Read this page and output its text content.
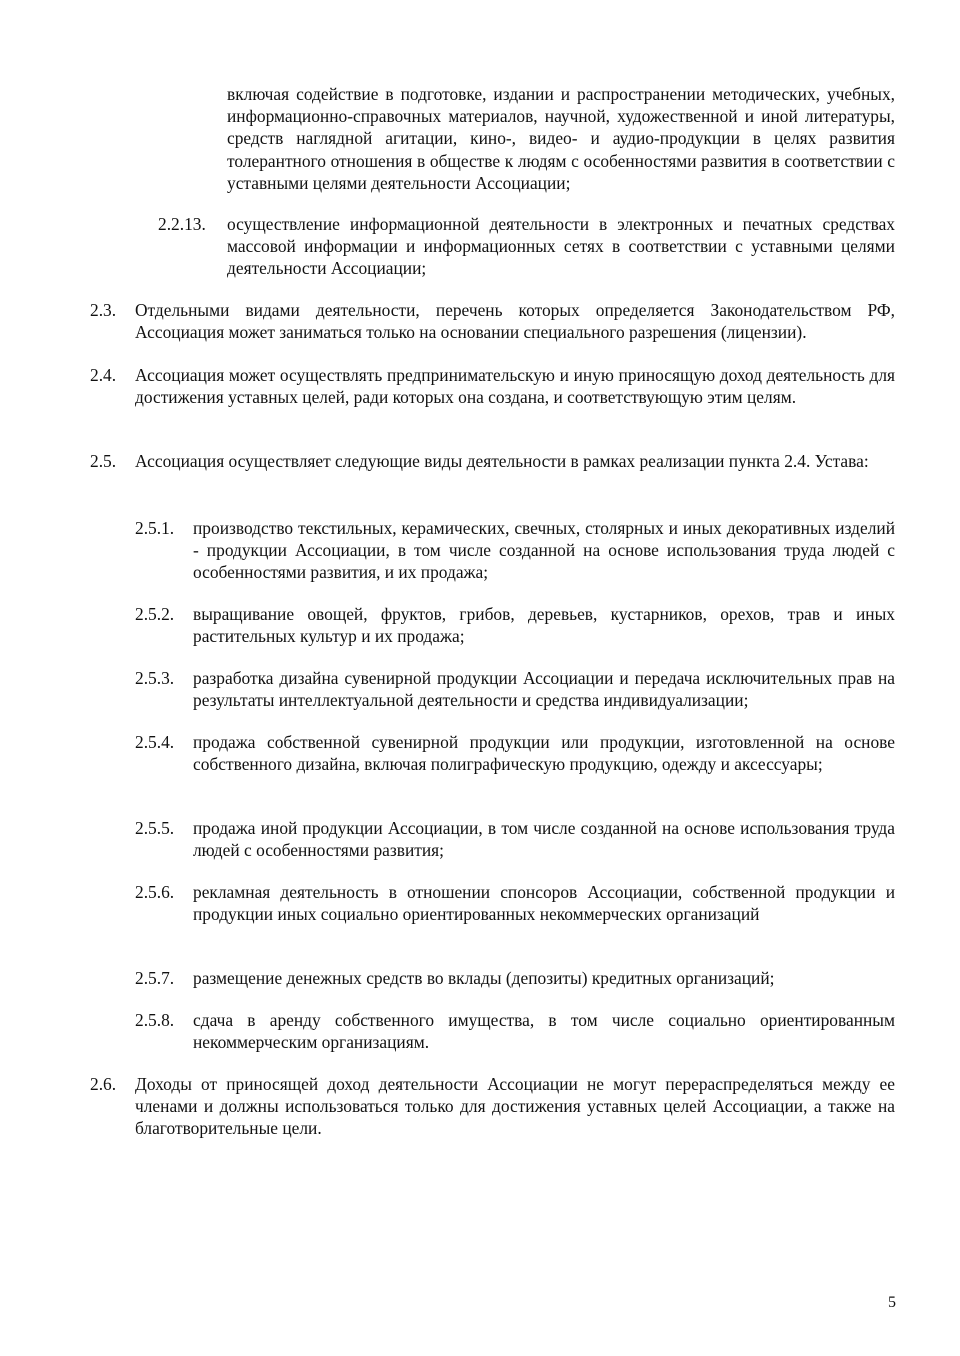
включая содействие в подготовке, издании и распространении методических, учебных, информационно-справочных материалов, научной, художественной и иной литературы, средств наглядной агитации, кино-, видео- и аудио-продукции в целях развития толерантного отношения в обществе к людям с особенностями развития в соответствии с уставными целями деятельности Ассоциации;
2.2.13. осуществление информационной деятельности в электронных и печатных средствах массовой информации и информационных сетях в соответствии с уставными целями деятельности Ассоциации;
2.3. Отдельными видами деятельности, перечень которых определяется Законодательством РФ, Ассоциация может заниматься только на основании специального разрешения (лицензии).
2.4. Ассоциация может осуществлять предпринимательскую и иную приносящую доход деятельность для достижения уставных целей, ради которых она создана, и соответствующую этим целям.
2.5. Ассоциация осуществляет следующие виды деятельности в рамках реализации пункта 2.4. Устава:
2.5.1. производство текстильных, керамических, свечных, столярных и иных декоративных изделий - продукции Ассоциации, в том числе созданной на основе использования труда людей с особенностями развития, и их продажа;
2.5.2. выращивание овощей, фруктов, грибов, деревьев, кустарников, орехов, трав и иных растительных культур и их продажа;
2.5.3. разработка дизайна сувенирной продукции Ассоциации и передача исключительных прав на результаты интеллектуальной деятельности и средства индивидуализации;
2.5.4. продажа собственной сувенирной продукции или продукции, изготовленной на основе собственного дизайна, включая полиграфическую продукцию, одежду и аксессуары;
2.5.5. продажа иной продукции Ассоциации, в том числе созданной на основе использования труда людей с особенностями развития;
2.5.6. рекламная деятельность в отношении спонсоров Ассоциации, собственной продукции и продукции иных социально ориентированных некоммерческих организаций
2.5.7. размещение денежных средств во вклады (депозиты) кредитных организаций;
2.5.8. сдача в аренду собственного имущества, в том числе социально ориентированным некоммерческим организациям.
2.6. Доходы от приносящей доход деятельности Ассоциации не могут перераспределяться между ее членами и должны использоваться только для достижения уставных целей Ассоциации, а также на благотворительные цели.
5
